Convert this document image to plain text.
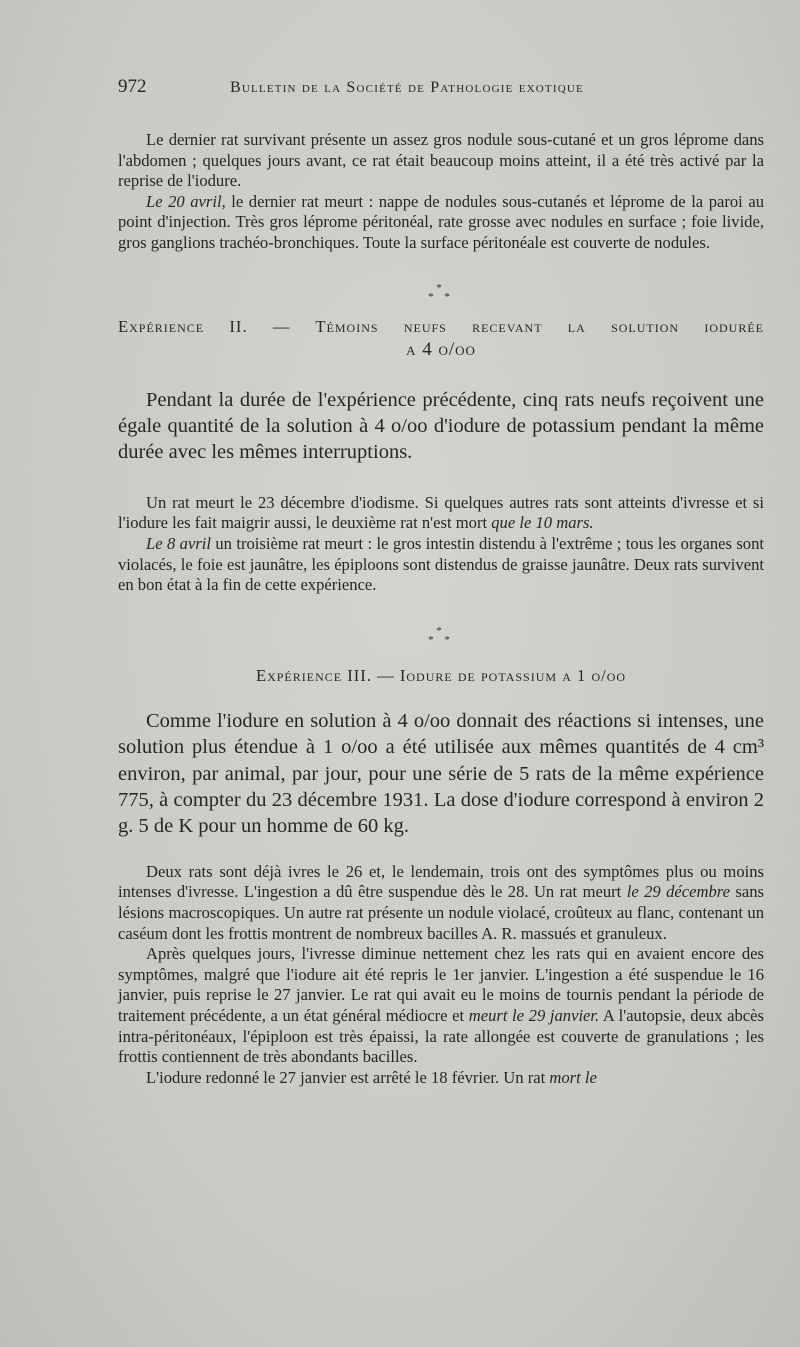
972	Bulletin de la Société de Pathologie exotique

Le dernier rat survivant présente un assez gros nodule sous-cutané et un gros lépromе dans l'abdomen ; quelques jours avant, ce rat était beaucoup moins atteint, il a été très activé par la reprise de l'iodure.

Le 20 avril, le dernier rat meurt : nappe de nodules sous-cutanés et lépromе de la paroi au point d'injection. Très gros lépromе péritonéal, rate grosse avec nodules en surface ; foie livide, gros ganglions trachéo-bronchiques. Toute la surface péritonéale est couverte de nodules.

*
* *
Expérience II. — Témoins neufs recevant la solution iodurée
a 4 o/oo

Pendant la durée de l'expérience précédente, cinq rats neufs reçoivent une égale quantité de la solution à 4 o/oo d'iodure de potassium pendant la même durée avec les mêmes interruptions.

Un rat meurt le 23 décembre d'iodisme. Si quelques autres rats sont atteints d'ivresse et si l'iodure les fait maigrir aussi, le deuxième rat n'est mort que le 10 mars.

Le 8 avril un troisième rat meurt : le gros intestin distendu à l'extrême ; tous les organes sont violacés, le foie est jaunâtre, les épiploons sont distendus de graisse jaunâtre. Deux rats survivent en bon état à la fin de cette expérience.

*
* *
Expérience III. — Iodure de potassium a 1 o/oo

Comme l'iodure en solution à 4 o/oo donnait des réactions si intenses, une solution plus étendue à 1 o/oo a été utilisée aux mêmes quantités de 4 cm³ environ, par animal, par jour, pour une série de 5 rats de la même expérience 775, à compter du 23 décembre 1931. La dose d'iodure correspond à environ 2 g. 5 de K pour un homme de 60 kg.

Deux rats sont déjà ivres le 26 et, le lendemain, trois ont des symptômes plus ou moins intenses d'ivresse. L'ingestion a dû être suspendue dès le 28. Un rat meurt le 29 décembre sans lésions macroscopiques. Un autre rat présente un nodule violacé, croûteux au flanc, contenant un caséum dont les frottis montrent de nombreux bacilles A. R. massués et granuleux.

Après quelques jours, l'ivresse diminue nettement chez les rats qui en avaient encore des symptômes, malgré que l'iodure ait été repris le 1er janvier. L'ingestion a été suspendue le 16 janvier, puis reprise le 27 janvier. Le rat qui avait eu le moins de tournis pendant la période de traitement précédente, a un état général médiocre et meurt le 29 janvier. A l'autopsie, deux abcès intra-péritonéaux, l'épiploon est très épaissi, la rate allongée est couverte de granulations ; les frottis contiennent de très abondants bacilles.

L'iodure redonné le 27 janvier est arrêté le 18 février. Un rat mort le
